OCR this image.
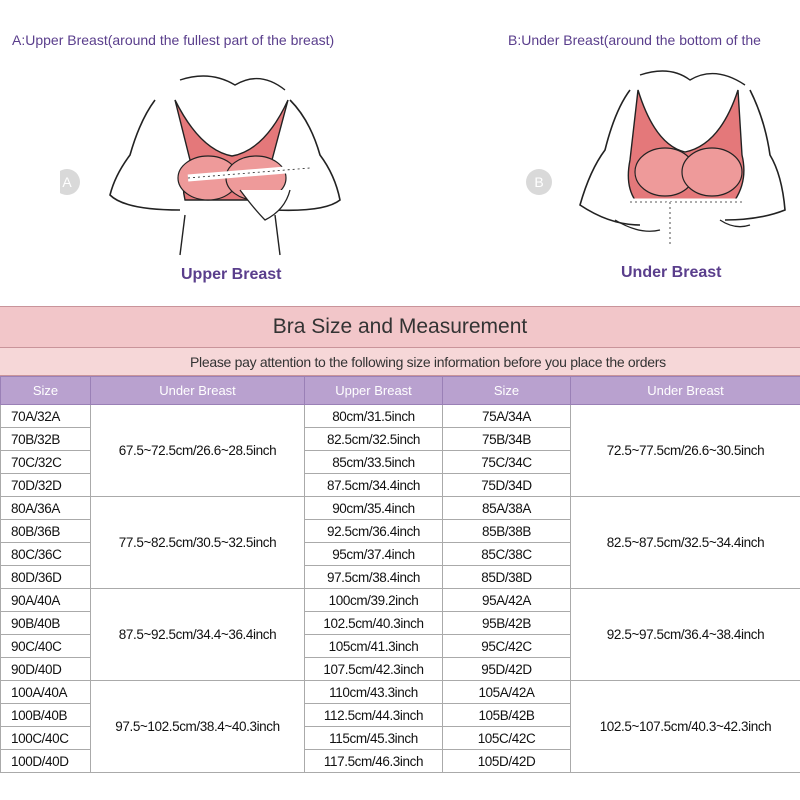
A:Upper Breast(around the fullest part of the breast)	B:Under Breast(around the bottom of the
A
Upper Breast
B
Under Breast
Bra Size and Measurement
Please pay attention to the following size information before you place the orders
Size	Under Breast	Upper Breast	Size	Under Breast
70A/32A	67.5~72.5cm/26.6~28.5inch	80cm/31.5inch	75A/34A	72.5~77.5cm/26.6~30.5inch
70B/32B		82.5cm/32.5inch	75B/34B	
70C/32C		85cm/33.5inch	75C/34C	
70D/32D		87.5cm/34.4inch	75D/34D	
80A/36A	77.5~82.5cm/30.5~32.5inch	90cm/35.4inch	85A/38A	82.5~87.5cm/32.5~34.4inch
80B/36B		92.5cm/36.4inch	85B/38B	
80C/36C		95cm/37.4inch	85C/38C	
80D/36D		97.5cm/38.4inch	85D/38D	
90A/40A	87.5~92.5cm/34.4~36.4inch	100cm/39.2inch	95A/42A	92.5~97.5cm/36.4~38.4inch
90B/40B		102.5cm/40.3inch	95B/42B	
90C/40C		105cm/41.3inch	95C/42C	
90D/40D		107.5cm/42.3inch	95D/42D	
100A/40A	97.5~102.5cm/38.4~40.3inch	110cm/43.3inch	105A/42A	102.5~107.5cm/40.3~42.3inch
100B/40B		112.5cm/44.3inch	105B/42B	
100C/40C		115cm/45.3inch	105C/42C	
100D/40D		117.5cm/46.3inch	105D/42D	
